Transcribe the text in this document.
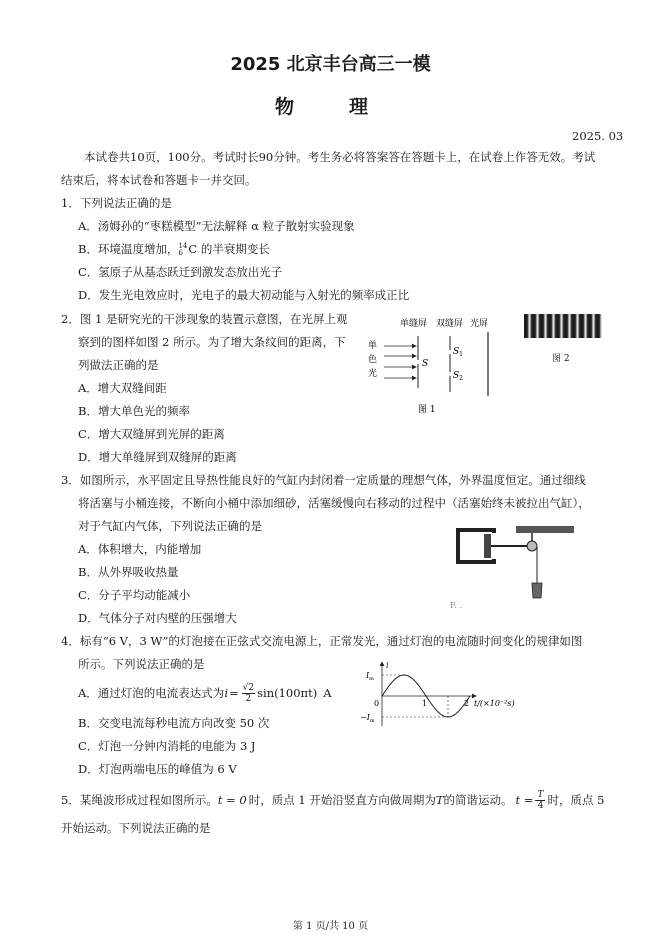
2025 北京丰台高三一模
物　理
2025. 03
本试卷共10页，100分。考试时长90分钟。考生务必将答案答在答题卡上，在试卷上作答无效。考试
结束后，将本试卷和答题卡一并交回。
1．下列说法正确的是
A．汤姆孙的“枣糕模型”无法解释 α 粒子散射实验现象
B．环境温度增加， 14
6 C 的半衰期变长
C．氢原子从基态跃迁到激发态放出光子
D．发生光电效应时，光电子的最大初动能与入射光的频率成正比
2．图 1 是研究光的干涉现象的装置示意图，在光屏上观
察到的图样如图 2 所示。为了增大条纹间的距离，下
列做法正确的是
A．增大双缝间距
B．增大单色光的频率
C．增大双缝屏到光屏的距离
D．增大单缝屏到双缝屏的距离
单缝屏 双缝屏 光屏
单
色
光
S
$S_1$
$S_2$
图 1
图 2
3．如图所示，水平固定且导热性能良好的气缸内封闭着一定质量的理想气体，外界温度恒定。通过细线
将活塞与小桶连接，不断向小桶中添加细砂，活塞缓慢向右移动的过程中（活塞始终未被拉出气缸），
对于气缸内气体，下列说法正确的是
A．体积增大，内能增加
B．从外界吸收热量
C．分子平均动能减小
D．气体分子对内壁的压强增大
F. .
4．标有“6 V，3 W”的灯泡接在正弦式交流电源上，正常发光，通过灯泡的电流随时间变化的规律如图
所示。下列说法正确的是
A．通过灯泡的电流表达式为 $i = \frac{√2}{2} \sin(100\pi t)$ A
B．交变电流每秒电流方向改变 50 次
C．灯泡一分钟内消耗的电能为 3 J
D．灯泡两端电压的峰值为 6 V
i
$I_m$
$-I_m$
0	1	2 t/(×10⁻²s)
5．某绳波形成过程如图所示。 t = 0 时，质点 1 开始沿竖直方向做周期为 T 的简谐运动。 $t = \frac{T}{4}$ 时，质点 5
开始运动。下列说法正确的是
第 1 页/共 10 页
